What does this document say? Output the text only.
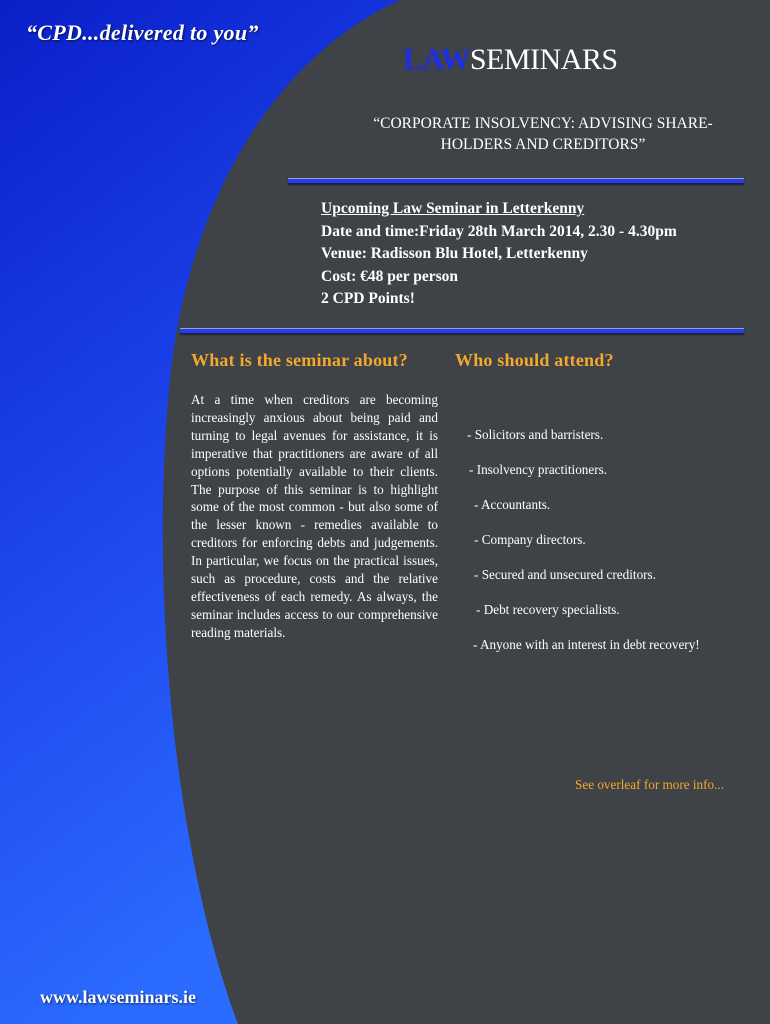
“CPD...delivered to you”
LAWSEMINARS
“CORPORATE INSOLVENCY: ADVISING SHARE-
HOLDERS AND CREDITORS”
Upcoming Law Seminar in Letterkenny
Date and time:Friday 28th March 2014, 2.30 - 4.30pm
Venue: Radisson Blu Hotel, Letterkenny
Cost: €48 per person
2 CPD Points!
What is the seminar about?	Who should attend?
At a time when creditors are becoming increasingly anxious about being paid and turning to legal avenues for assistance, it is imperative that practitioners are aware of all options potentially available to their clients. The purpose of this seminar is to highlight some of the most common - but also some of the lesser known - remedies available to creditors for enforcing debts and judgements. In particular, we focus on the practical issues, such as procedure, costs and the relative effectiveness of each remedy. As always, the seminar includes access to our comprehensive reading materials.
- Solicitors and barristers.
- Insolvency practitioners.
- Accountants.
- Company directors.
- Secured and unsecured creditors.
- Debt recovery specialists.
- Anyone with an interest in debt recovery!
See overleaf for more info...
www.lawseminars.ie
